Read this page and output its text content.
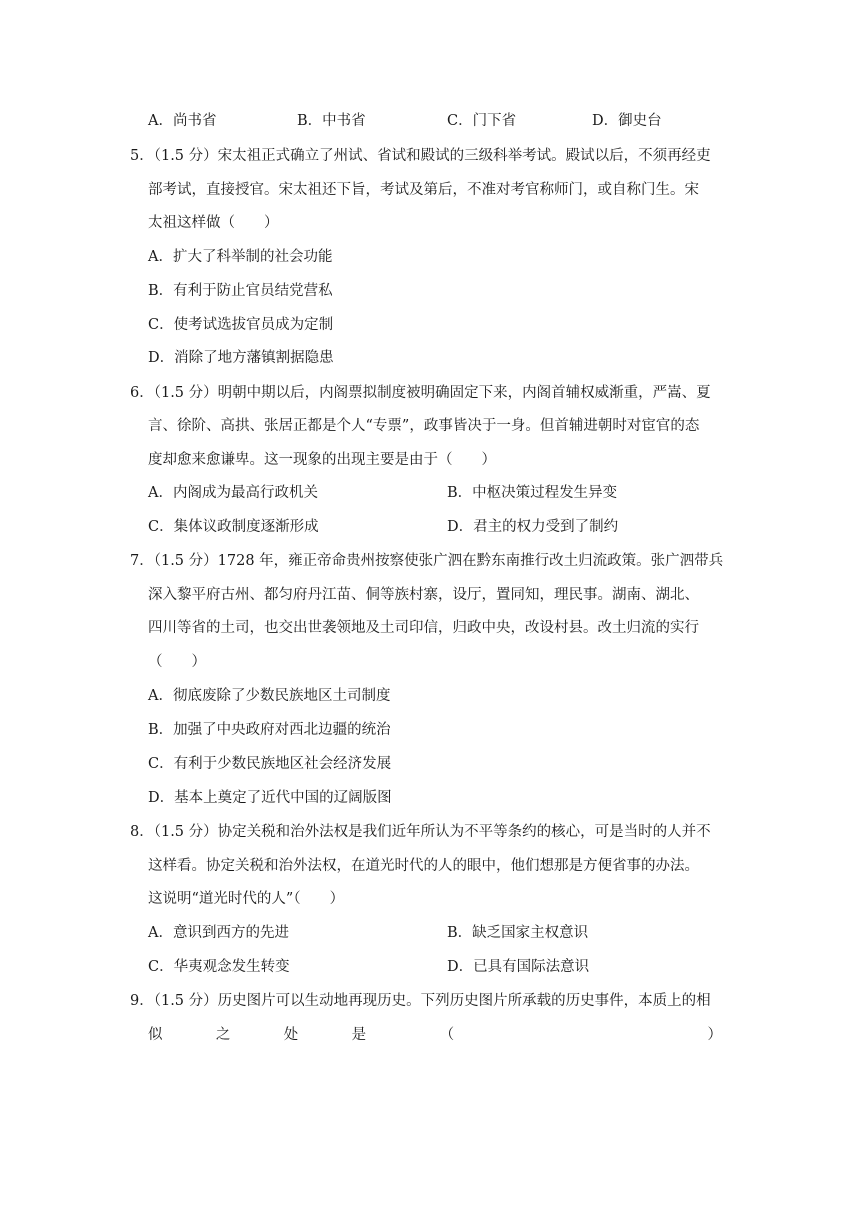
A．尚书省	B．中书省	C．门下省	D．御史台
5．（1.5 分）宋太祖正式确立了州试、省试和殿试的三级科举考试。殿试以后，不须再经吏
部考试，直接授官。宋太祖还下旨，考试及第后，不准对考官称师门，或自称门生。宋
太祖这样做（　　）
A．扩大了科举制的社会功能
B．有利于防止官员结党营私
C．使考试选拔官员成为定制
D．消除了地方藩镇割据隐患
6．（1.5 分）明朝中期以后，内阁票拟制度被明确固定下来，内阁首辅权威渐重，严嵩、夏
言、徐阶、高拱、张居正都是个人“专票”，政事皆决于一身。但首辅进朝时对宦官的态
度却愈来愈谦卑。这一现象的出现主要是由于（　　）
A．内阁成为最高行政机关	B．中枢决策过程发生异变
C．集体议政制度逐渐形成	D．君主的权力受到了制约
7．（1.5 分）1728 年，雍正帝命贵州按察使张广泗在黔东南推行改土归流政策。张广泗带兵
深入黎平府古州、都匀府丹江苗、侗等族村寨，设厅，置同知，理民事。湖南、湖北、
四川等省的土司，也交出世袭领地及土司印信，归政中央，改设村县。改土归流的实行
（　　）
A．彻底废除了少数民族地区土司制度
B．加强了中央政府对西北边疆的统治
C．有利于少数民族地区社会经济发展
D．基本上奠定了近代中国的辽阔版图
8．（1.5 分）协定关税和治外法权是我们近年所认为不平等条约的核心，可是当时的人并不
这样看。协定关税和治外法权，在道光时代的人的眼中，他们想那是方便省事的办法。
这说明“道光时代的人”（　　）
A．意识到西方的先进	B．缺乏国家主权意识
C．华夷观念发生转变	D．已具有国际法意识
9．（1.5 分）历史图片可以生动地再现历史。下列历史图片所承载的历史事件，本质上的相
似	之	处	是	（	）
